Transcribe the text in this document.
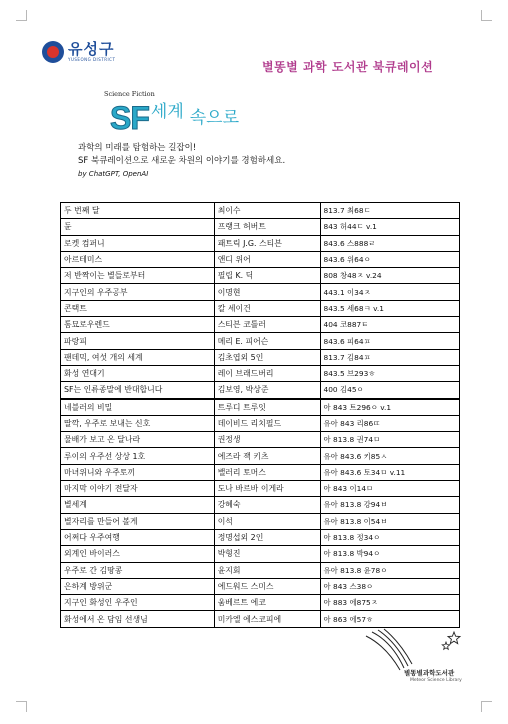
유성구
YUSEONG DISTRICT
별똥별 과학 도서관 북큐레이션
Science Fiction
SF 세계 속으로
과학의 미래를 탐험하는 길잡이!
SF 북큐레이션으로 새로운 차원의 이야기를 경험하세요.
by ChatGPT, OpenAI
두 번째 달	최이수	813.7 최68ㄷ
듄	프랭크 허버트	843 허44ㄷ v.1
로켓 컴퍼니	패트릭 J.G. 스티븐	843.6 스888ㄹ
아르테미스	앤디 위어	843.6 위64ㅇ
저 반짝이는 별들로부터	필립 K. 딕	808 창48ㅈ v.24
지구인의 우주공부	이명현	443.1 이34ㅈ
콘택트	칼 세이건	843.5 세68ㅋ v.1
톰묘로우렌드	스티븐 코틀러	404 코887ㅌ
파랑피	메리 E. 피어슨	843.6 피64ㅍ
팬데믹, 여섯 개의 세계	김초엽외 5인	813.7 김84ㅍ
화성 연대기	레이 브래드버리	843.5 브293ㅎ
SF는 인류종말에 반대합니다	김보영, 박상준	400 김45ㅇ
네블러의 비밀	트루디 트루잇	아 843 트296ㅇ v.1
딸깍, 우주로 보내는 신호	데이비드 리치필드	유아 843 리86ㄸ
물배가 보고 온 달나라	권정생	아 813.8 권74ㅁ
루이의 우주선 상상 1호	에즈라 잭 키츠	유아 843.6 키85ㅅ
마녀위니와 우주토끼	밸러리 토머스	유아 843.6 토34ㅁ v.11
마지막 이야기 전달자	도나 바르바 이게라	아 843 이14ㅁ
별세계	강혜숙	유아 813.8 강94ㅂ
별자리를 만들어 볼게	이석	유아 813.8 이54ㅂ
어쩌다 우주여행	정명섭외 2인	아 813.8 정34ㅇ
외계인 바이러스	박형진	아 813.8 박94ㅇ
우주로 간 김땅콩	윤지회	유아 813.8 윤78ㅇ
은하계 방위군	에드워드 스미스	아 843 스38ㅇ
지구인 화성인 우주인	움베르트 에코	아 883 에875ㅈ
화성에서 온 담임 선생님	미카엘 에스코피에	아 863 에57ㅎ
별똥별과학도서관
Meteor Science Library
